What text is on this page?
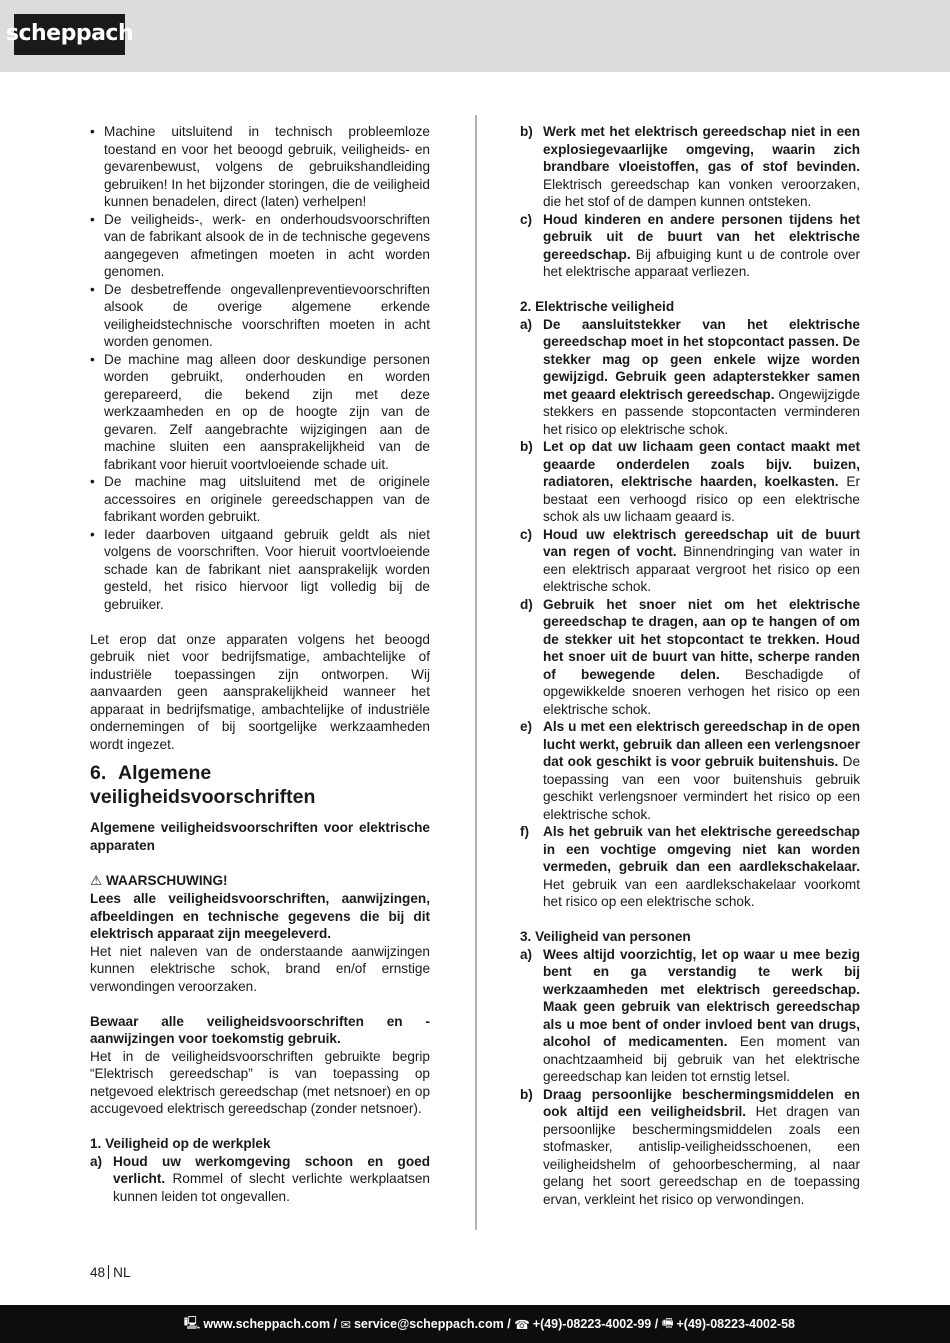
scheppach

• Machine uitsluitend in technisch probleemloze toestand en voor het beoogd gebruik, veiligheids- en gevarenbewust, volgens de gebruikshandleiding gebruiken! In het bijzonder storingen, die de veiligheid kunnen benadelen, direct (laten) verhelpen!

• De veiligheids-, werk- en onderhoudsvoorschriften van de fabrikant alsook de in de technische gegevens aangegeven afmetingen moeten in acht worden genomen.

• De desbetreffende ongevallenpreventievoorschriften alsook de overige algemene erkende veiligheidstechnische voorschriften moeten in acht worden genomen.

• De machine mag alleen door deskundige personen worden gebruikt, onderhouden en worden gerepareerd, die bekend zijn met deze werkzaamheden en op de hoogte zijn van de gevaren. Zelf aangebrachte wijzigingen aan de machine sluiten een aansprakelijkheid van de fabrikant voor hieruit voortvloeiende schade uit.

• De machine mag uitsluitend met de originele accessoires en originele gereedschappen van de fabrikant worden gebruikt.

• Ieder daarboven uitgaand gebruik geldt als niet volgens de voorschriften. Voor hieruit voortvloeiende schade kan de fabrikant niet aansprakelijk worden gesteld, het risico hiervoor ligt volledig bij de gebruiker.

Let erop dat onze apparaten volgens het beoogd gebruik niet voor bedrijfsmatige, ambachtelijke of industriële toepassingen zijn ontworpen. Wij aanvaarden geen aansprakelijkheid wanneer het apparaat in bedrijfsmatige, ambachtelijke of industriële ondernemingen of bij soortgelijke werkzaamheden wordt ingezet.

6. Algemene veiligheidsvoorschriften

Algemene veiligheidsvoorschriften voor elektrische apparaten

⚠ WAARSCHUWING!

Lees alle veiligheidsvoorschriften, aanwijzingen, afbeeldingen en technische gegevens die bij dit elektrisch apparaat zijn meegeleverd.

Het niet naleven van de onderstaande aanwijzingen kunnen elektrische schok, brand en/of ernstige verwondingen veroorzaken.

Bewaar alle veiligheidsvoorschriften en -aanwijzingen voor toekomstig gebruik.

Het in de veiligheidsvoorschriften gebruikte begrip “Elektrisch gereedschap” is van toepassing op netgevoed elektrisch gereedschap (met netsnoer) en op accugevoed elektrisch gereedschap (zonder netsnoer).

1. Veiligheid op de werkplek

a) Houd uw werkomgeving schoon en goed verlicht. Rommel of slecht verlichte werkplaatsen kunnen leiden tot ongevallen.

b) Werk met het elektrisch gereedschap niet in een explosiegevaarlijke omgeving, waarin zich brandbare vloeistoffen, gas of stof bevinden. Elektrisch gereedschap kan vonken veroorzaken, die het stof of de dampen kunnen ontsteken.

c) Houd kinderen en andere personen tijdens het gebruik uit de buurt van het elektrische gereedschap. Bij afbuiging kunt u de controle over het elektrische apparaat verliezen.

2. Elektrische veiligheid

a) De aansluitstekker van het elektrische gereedschap moet in het stopcontact passen. De stekker mag op geen enkele wijze worden gewijzigd. Gebruik geen adapterstekker samen met geaard elektrisch gereedschap. Ongewijzigde stekkers en passende stopcontacten verminderen het risico op elektrische schok.

b) Let op dat uw lichaam geen contact maakt met geaarde onderdelen zoals bijv. buizen, radiatoren, elektrische haarden, koelkasten. Er bestaat een verhoogd risico op een elektrische schok als uw lichaam geaard is.

c) Houd uw elektrisch gereedschap uit de buurt van regen of vocht. Binnendringing van water in een elektrisch apparaat vergroot het risico op een elektrische schok.

d) Gebruik het snoer niet om het elektrische gereedschap te dragen, aan op te hangen of om de stekker uit het stopcontact te trekken. Houd het snoer uit de buurt van hitte, scherpe randen of bewegende delen. Beschadigde of opgewikkelde snoeren verhogen het risico op een elektrische schok.

e) Als u met een elektrisch gereedschap in de open lucht werkt, gebruik dan alleen een verlengsnoer dat ook geschikt is voor gebruik buitenshuis. De toepassing van een voor buitenshuis gebruik geschikt verlengsnoer vermindert het risico op een elektrische schok.

f) Als het gebruik van het elektrische gereedschap in een vochtige omgeving niet kan worden vermeden, gebruik dan een aardlekschakelaar. Het gebruik van een aardlekschakelaar voorkomt het risico op een elektrische schok.

3. Veiligheid van personen

a) Wees altijd voorzichtig, let op waar u mee bezig bent en ga verstandig te werk bij werkzaamheden met elektrisch gereedschap. Maak geen gebruik van elektrisch gereedschap als u moe bent of onder invloed bent van drugs, alcohol of medicamenten. Een moment van onachtzaamheid bij gebruik van het elektrische gereedschap kan leiden tot ernstig letsel.

b) Draag persoonlijke beschermingsmiddelen en ook altijd een veiligheidsbril. Het dragen van persoonlijke beschermingsmiddelen zoals een stofmasker, antislip-veiligheidsschoenen, een veiligheidshelm of gehoorbescherming, al naar gelang het soort gereedschap en de toepassing ervan, verkleint het risico op verwondingen.

48 NL
🖳 www.scheppach.com /
✉ service@scheppach.com /
☎ +(49)-08223-4002-99 /
🖷 +(49)-08223-4002-58
